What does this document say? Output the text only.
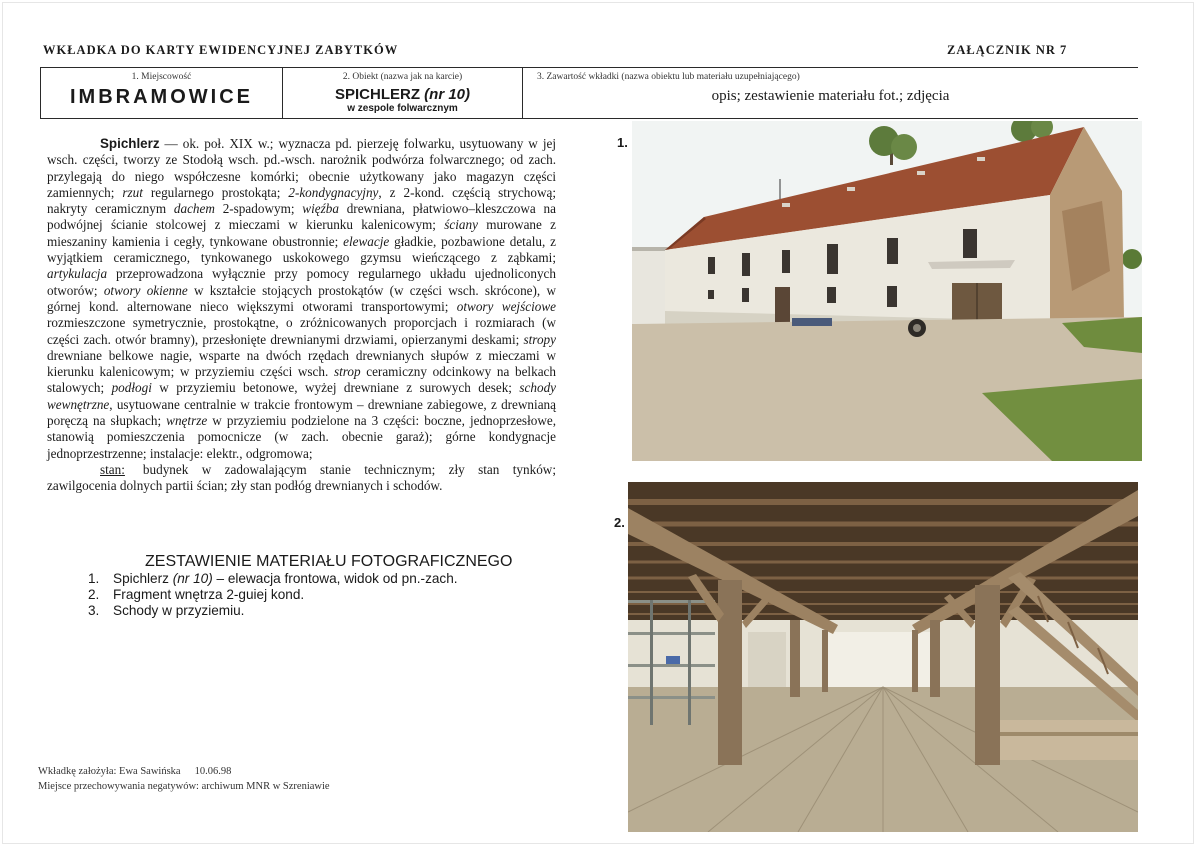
WKŁADKA DO KARTY EWIDENCYJNEJ ZABYTKÓW	ZAŁĄCZNIK NR 7
1. Miejscowość
IMBRAMOWICE
2. Obiekt (nazwa jak na karcie)
SPICHLERZ (nr 10)
w zespole folwarcznym
3. Zawartość wkładki (nazwa obiektu lub materiału uzupełniającego)
opis; zestawienie materiału fot.; zdjęcia

Spichlerz — ok. poł. XIX w.; wyznacza pd. pierzeję folwarku, usytuowany w jej wsch. części, tworzy ze Stodołą wsch. pd.-wsch. narożnik podwórza folwarcznego; od zach. przylegają do niego współczesne komórki; obecnie użytkowany jako magazyn części zamiennych; rzut regularnego prostokąta; 2-kondygnacyjny, z 2-kond. częścią strychową; nakryty ceramicznym dachem 2-spadowym; więźba drewniana, płatwiowo–kleszczowa na podwójnej ścianie stolcowej z mieczami w kierunku kalenicowym; ściany murowane z mieszaniny kamienia i cegły, tynkowane obustronnie; elewacje gładkie, pozbawione detalu, z wyjątkiem ceramicznego, tynkowanego uskokowego gzymsu wieńczącego z ząbkami; artykulacja przeprowadzona wyłącznie przy pomocy regularnego układu ujednoliconych otworów; otwory okienne w kształcie stojących prostokątów (w części wsch. skrócone), w górnej kond. alternowane nieco większymi otworami transportowymi; otwory wejściowe rozmieszczone symetrycznie, prostokątne, o zróżnicowanych proporcjach i rozmiarach (w części zach. otwór bramny), przesłonięte drewnianymi drzwiami, opierzanymi deskami; stropy drewniane belkowe nagie, wsparte na dwóch rzędach drewnianych słupów z mieczami w kierunku kalenicowym; w przyziemiu części wsch. strop ceramiczny odcinkowy na belkach stalowych; podłogi w przyziemiu betonowe, wyżej drewniane z surowych desek; schody wewnętrzne, usytuowane centralnie w trakcie frontowym – drewniane zabiegowe, z drewnianą poręczą na słupkach; wnętrze w przyziemiu podzielone na 3 części: boczne, jednoprzesłowe, stanowią pomieszczenia pomocnicze (w zach. obecnie garaż); górne kondygnacje jednoprzestrzenne; instalacje: elektr., odgromowa;

stan: budynek w zadowalającym stanie technicznym; zły stan tynków; zawilgocenia dolnych partii ścian; zły stan podłóg drewnianych i schodów.

ZESTAWIENIE MATERIAŁU FOTOGRAFICZNEGO
1. Spichlerz (nr 10) – elewacja frontowa, widok od pn.-zach.
2. Fragment wnętrza 2-guiej kond.
3. Schody w przyziemiu.
1.
2.
Wkładkę założyła: Ewa Sawińska 10.06.98
Miejsce przechowywania negatywów: archiwum MNR w Szreniawie
